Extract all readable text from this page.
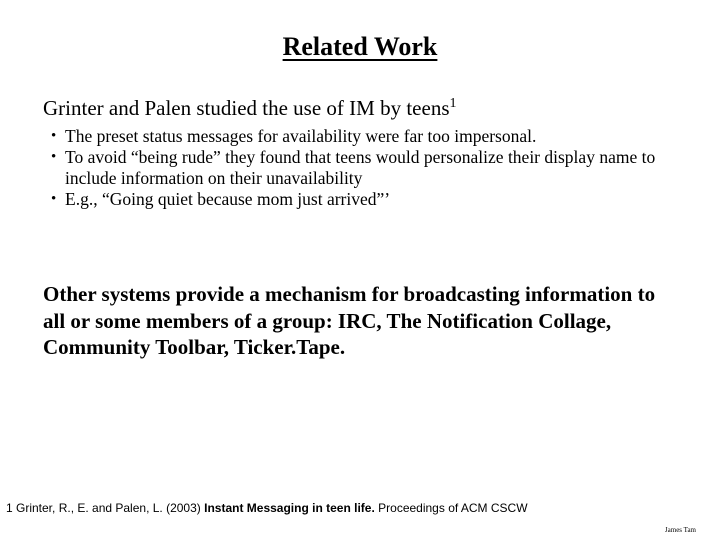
Related Work
Grinter and Palen studied the use of IM by teens$^1$
• The preset status messages for availability were far too impersonal.
• To avoid “being rude” they found that teens would personalize their display name to include information on their unavailability
• E.g., “Going quiet because mom just arrived”’
Other systems provide a mechanism for broadcasting information to all or some members of a group: IRC, The Notification Collage, Community Toolbar, Ticker.Tape.
1 Grinter, R., E. and Palen, L. (2003) Instant Messaging in teen life. Proceedings of ACM CSCW
James Tam
